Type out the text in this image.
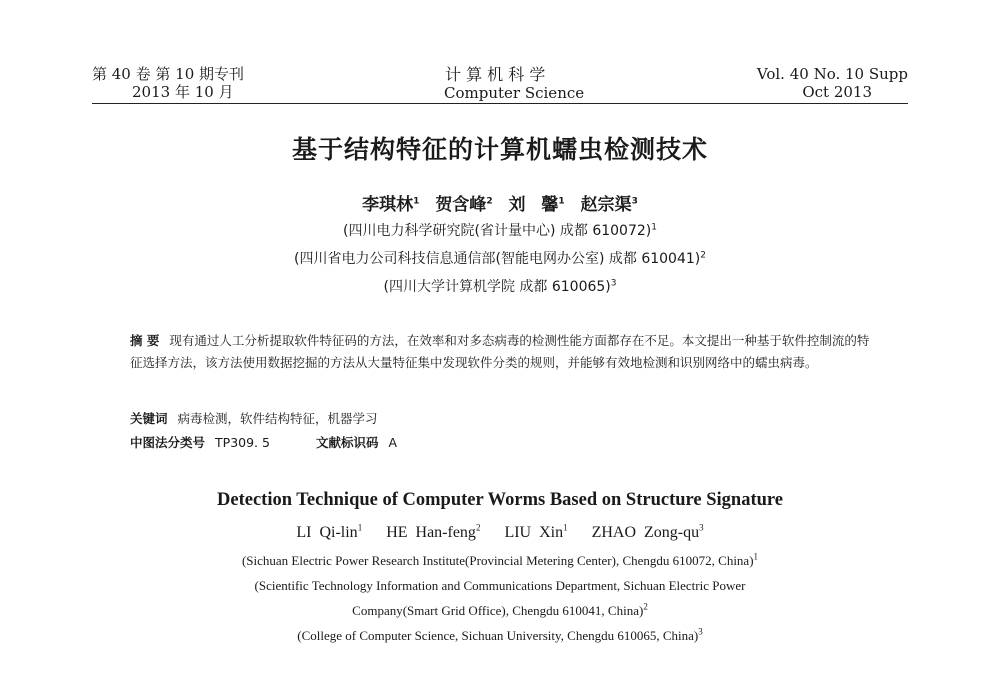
第 40 卷 第 10 期专刊
2013 年 10 月
计 算 机 科 学
Computer Science
Vol. 40 No. 10 Supp
Oct 2013
基于结构特征的计算机蠕虫检测技术
李琪林$^1$ 贺含峰$^2$ 刘 馨$^1$ 赵宗渠$^3$
(四川电力科学研究院(省计量中心) 成都 610072)$^1$
(四川省电力公司科技信息通信部(智能电网办公室) 成都 610041)$^2$
(四川大学计算机学院 成都 610065)$^3$
摘 要 现有通过人工分析提取软件特征码的方法，在效率和对多态病毒的检测性能方面都存在不足。本文提出一种基于软件控制流的特征选择方法，该方法使用数据挖掘的方法从大量特征集中发现软件分类的规则，并能够有效地检测和识别网络中的蠕虫病毒。
关键词 病毒检测，软件结构特征，机器学习
中图法分类号 TP309. 5	文献标识码 A
Detection Technique of Computer Worms Based on Structure Signature
LI Qi-lin$^1$ HE Han-feng$^2$ LIU Xin$^1$ ZHAO Zong-$qu^3$
(Sichuan Electric Power Research Institute(Provincial Metering Center), Chengdu 610072, China)$^1$
(Scientific Technology Information and Communications Department, Sichuan Electric Power
Company(Smart Grid Office), Chengdu 610041, China)$^2$
(College of Computer Science, Sichuan University, Chengdu 610065, China)$^3$
